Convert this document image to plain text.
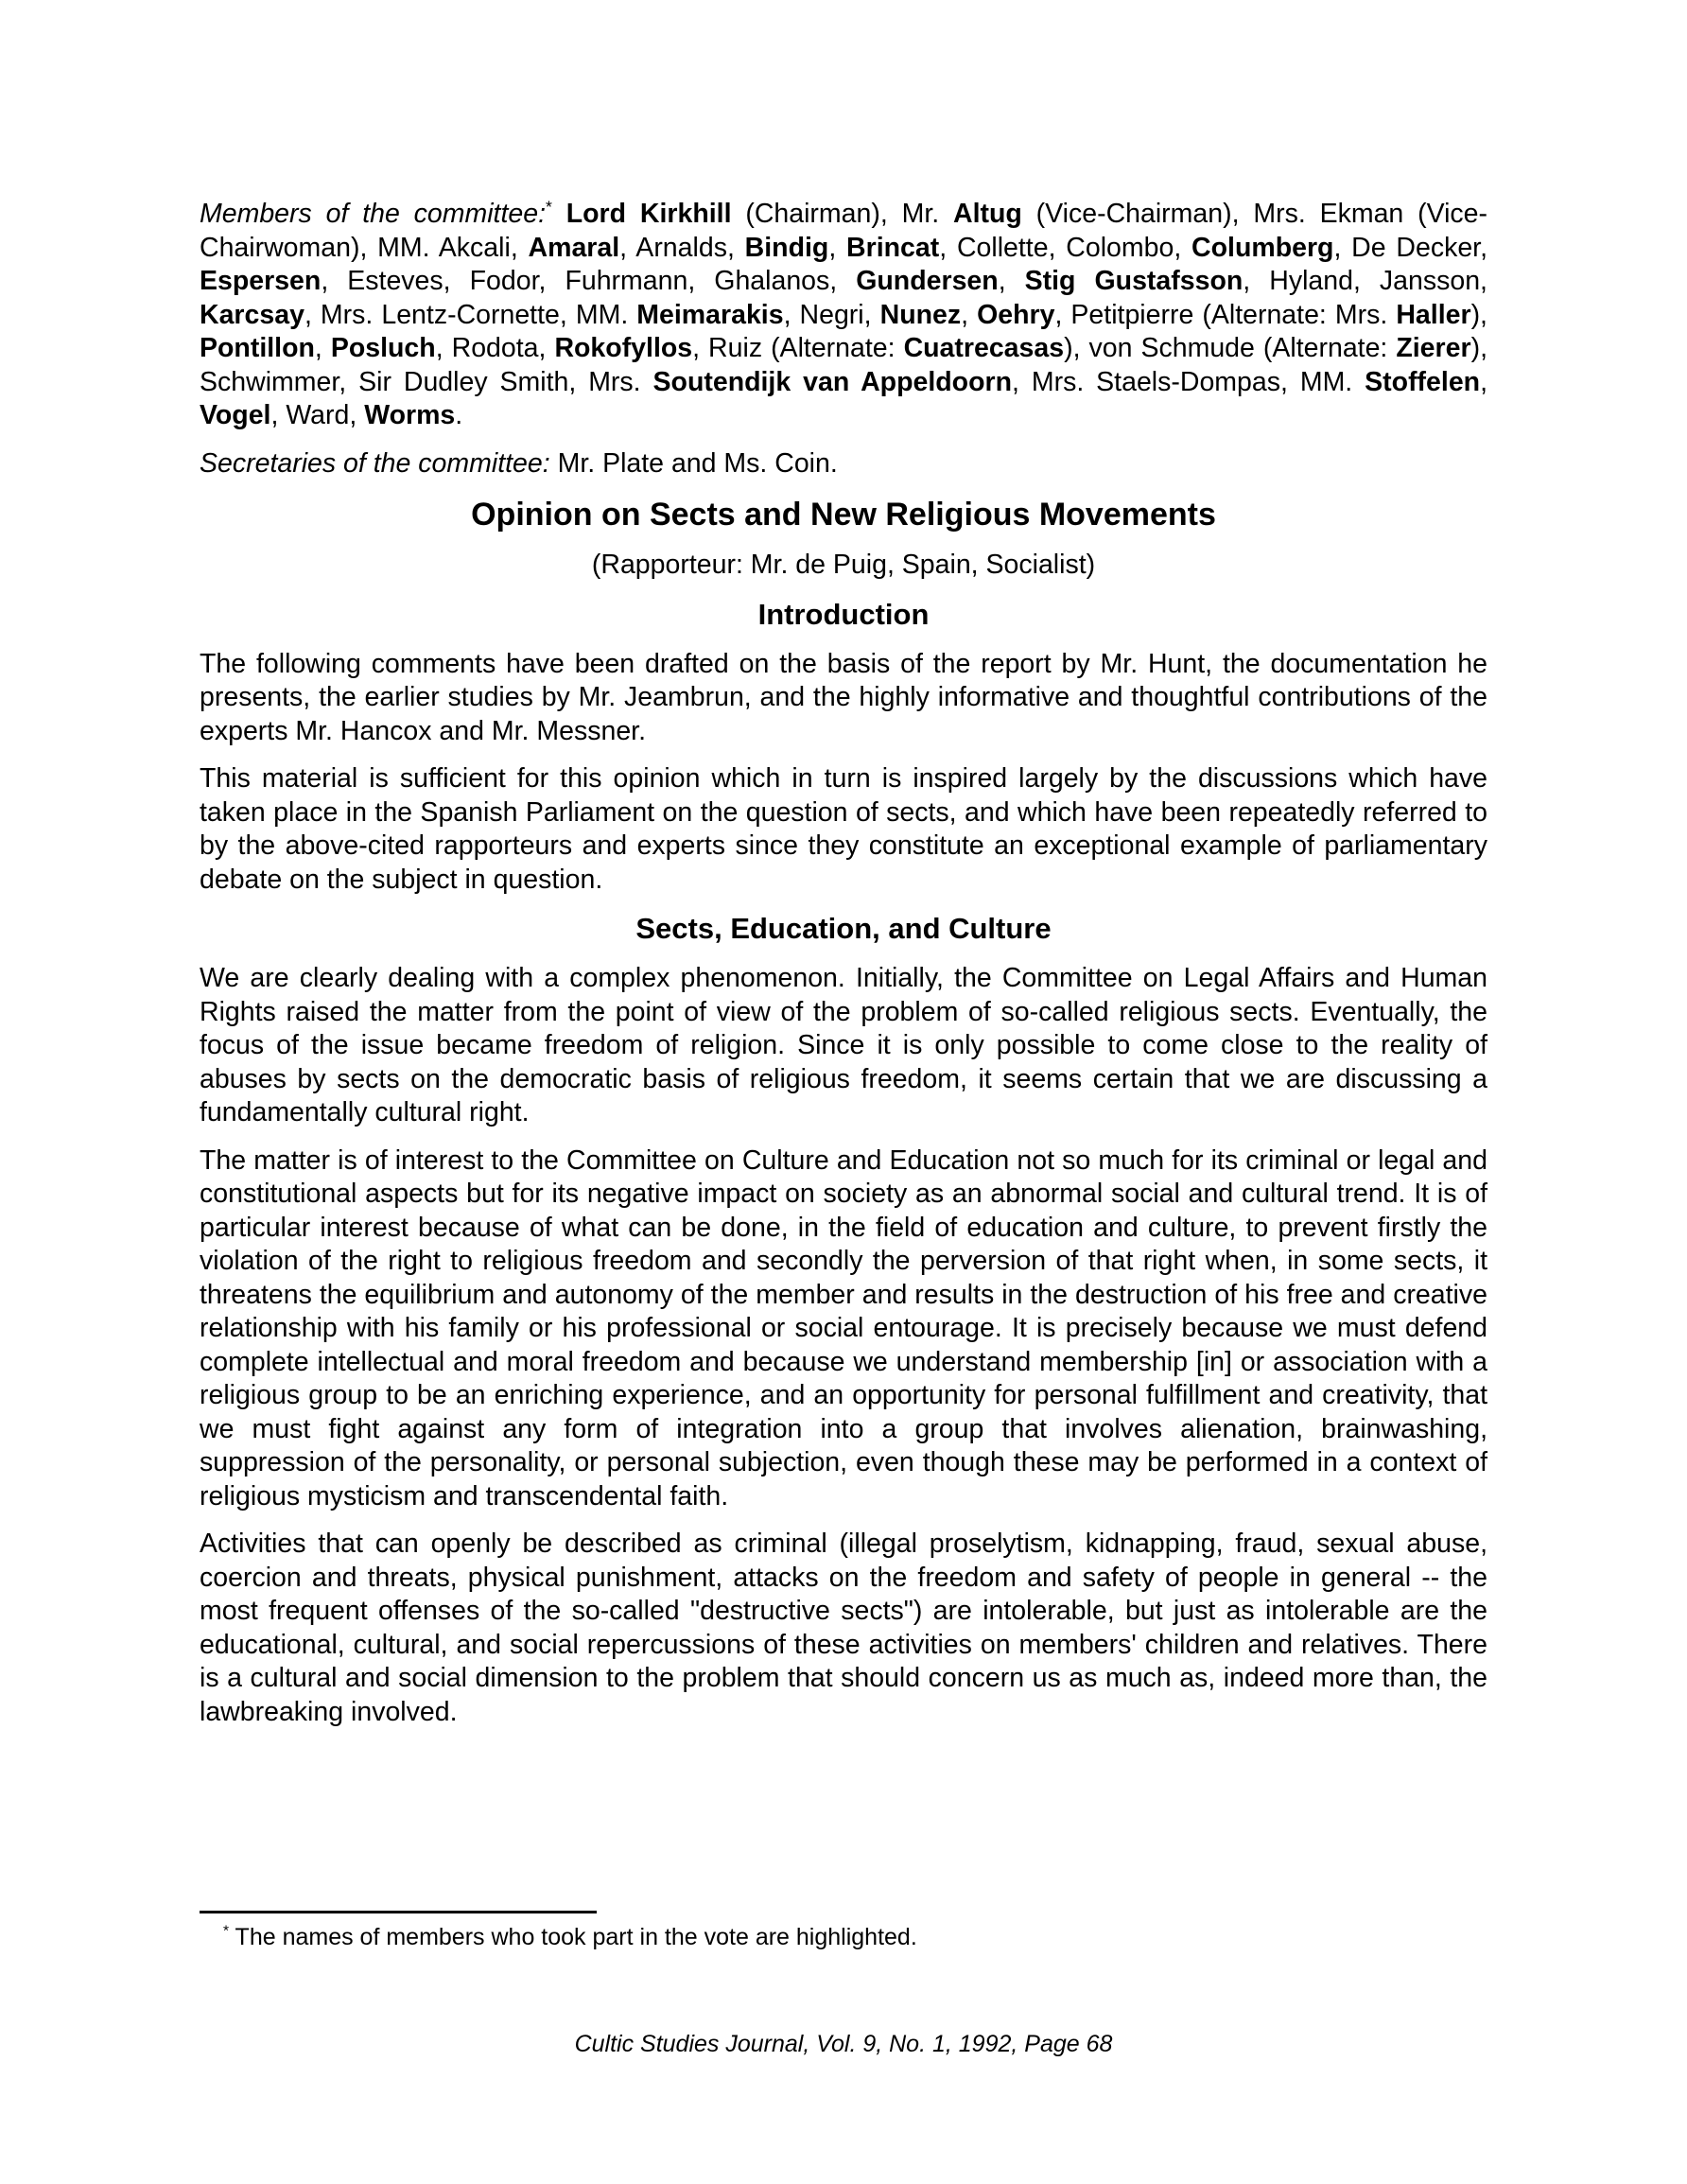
Members of the committee:* Lord Kirkhill (Chairman), Mr. Altug (Vice-Chairman), Mrs. Ekman (Vice-Chairwoman), MM. Akcali, Amaral, Arnalds, Bindig, Brincat, Collette, Colombo, Columberg, De Decker, Espersen, Esteves, Fodor, Fuhrmann, Ghalanos, Gundersen, Stig Gustafsson, Hyland, Jansson, Karcsay, Mrs. Lentz-Cornette, MM. Meimarakis, Negri, Nunez, Oehry, Petitpierre (Alternate: Mrs. Haller), Pontillon, Posluch, Rodota, Rokofyllos, Ruiz (Alternate: Cuatrecasas), von Schmude (Alternate: Zierer), Schwimmer, Sir Dudley Smith, Mrs. Soutendijk van Appeldoorn, Mrs. Staels-Dompas, MM. Stoffelen, Vogel, Ward, Worms.

Secretaries of the committee: Mr. Plate and Ms. Coin.

Opinion on Sects and New Religious Movements

(Rapporteur: Mr. de Puig, Spain, Socialist)

Introduction

The following comments have been drafted on the basis of the report by Mr. Hunt, the documentation he presents, the earlier studies by Mr. Jeambrun, and the highly informative and thoughtful contributions of the experts Mr. Hancox and Mr. Messner.

This material is sufficient for this opinion which in turn is inspired largely by the discussions which have taken place in the Spanish Parliament on the question of sects, and which have been repeatedly referred to by the above-cited rapporteurs and experts since they constitute an exceptional example of parliamentary debate on the subject in question.

Sects, Education, and Culture

We are clearly dealing with a complex phenomenon. Initially, the Committee on Legal Affairs and Human Rights raised the matter from the point of view of the problem of so-called religious sects. Eventually, the focus of the issue became freedom of religion. Since it is only possible to come close to the reality of abuses by sects on the democratic basis of religious freedom, it seems certain that we are discussing a fundamentally cultural right.

The matter is of interest to the Committee on Culture and Education not so much for its criminal or legal and constitutional aspects but for its negative impact on society as an abnormal social and cultural trend. It is of particular interest because of what can be done, in the field of education and culture, to prevent firstly the violation of the right to religious freedom and secondly the perversion of that right when, in some sects, it threatens the equilibrium and autonomy of the member and results in the destruction of his free and creative relationship with his family or his professional or social entourage. It is precisely because we must defend complete intellectual and moral freedom and because we understand membership [in] or association with a religious group to be an enriching experience, and an opportunity for personal fulfillment and creativity, that we must fight against any form of integration into a group that involves alienation, brainwashing, suppression of the personality, or personal subjection, even though these may be performed in a context of religious mysticism and transcendental faith.

Activities that can openly be described as criminal (illegal proselytism, kidnapping, fraud, sexual abuse, coercion and threats, physical punishment, attacks on the freedom and safety of people in general -- the most frequent offenses of the so-called "destructive sects") are intolerable, but just as intolerable are the educational, cultural, and social repercussions of these activities on members' children and relatives. There is a cultural and social dimension to the problem that should concern us as much as, indeed more than, the lawbreaking involved.

* The names of members who took part in the vote are highlighted.
Cultic Studies Journal, Vol. 9, No. 1, 1992, Page 68
